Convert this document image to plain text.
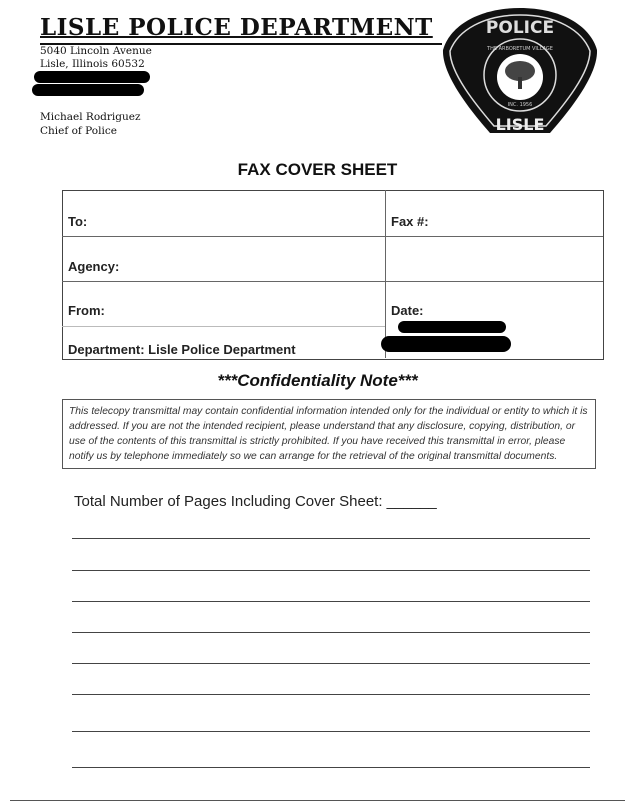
LISLE POLICE DEPARTMENT
5040 Lincoln Avenue
Lisle, Illinois 60532
Michael Rodriguez
Chief of Police
POLICE
THE ARBORETUM VILLAGE
INC. 1956
LISLE
FAX COVER SHEET
To:	Fax #:
Agency:
From:	Date:
Department: Lisle Police Department
***Confidentiality Note***
This telecopy transmittal may contain confidential information intended only for the individual or entity to which it is addressed. If you are not the intended recipient, please understand that any disclosure, copying, distribution, or use of the contents of this transmittal is strictly prohibited. If you have received this transmittal in error, please notify us by telephone immediately so we can arrange for the retrieval of the original transmittal documents.
Total Number of Pages Including Cover Sheet: ______
